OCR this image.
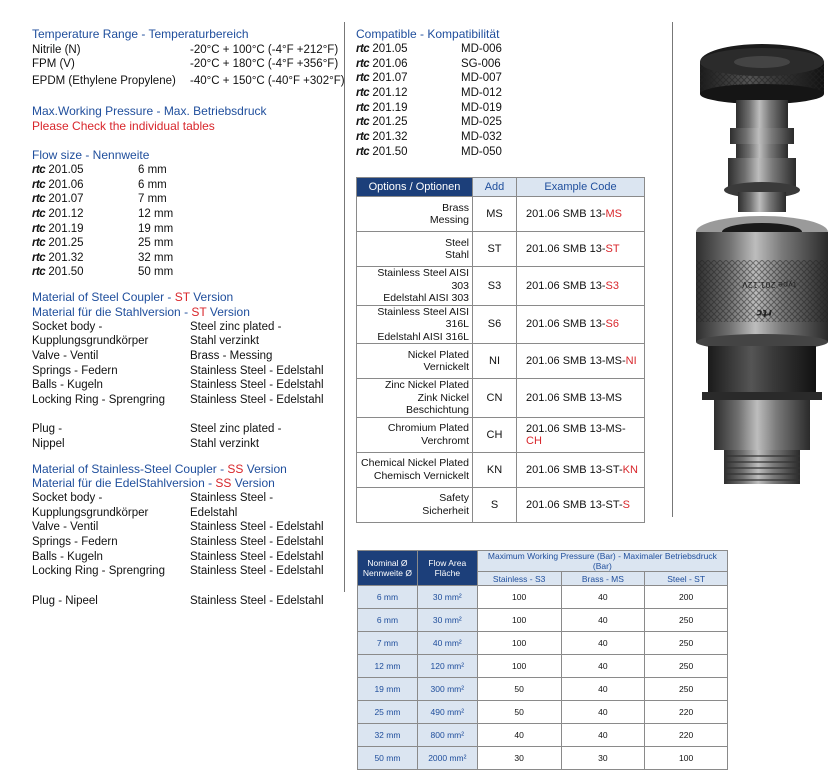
Temperature Range - Temperaturbereich
Nitrile (N)	-20°C + 100°C (-4°F +212°F)
FPM (V)	-20°C + 180°C (-4°F +356°F)
EPDM (Ethylene Propylene) -40°C + 150°C (-40°F +302°F)
Max.Working Pressure - Max. Betriebsdruck
Please Check the individual tables
Flow size - Nennweite
rtc 201.05	6 mm
rtc 201.06	6 mm
rtc 201.07	7 mm
rtc 201.12	12 mm
rtc 201.19	19 mm
rtc 201.25	25 mm
rtc 201.32	32 mm
rtc 201.50	50 mm
Material of Steel Coupler - ST Version
Material für die Stahlversion - ST Version
Socket body -	Steel zinc plated -
Kupplungsgrundkörper	Stahl verzinkt
Valve - Ventil	Brass - Messing
Springs - Federn	Stainless Steel - Edelstahl
Balls - Kugeln	Stainless Steel - Edelstahl
Locking Ring - Sprengring Stainless Steel - Edelstahl
Plug -	Steel zinc plated -
Nippel	Stahl verzinkt
Material of Stainless-Steel Coupler - SS Version
Material für die EdelStahlversion - SS Version
Socket body -	Stainless Steel -
Kupplungsgrundkörper	Edelstahl
Valve - Ventil	Stainless Steel - Edelstahl
Springs - Federn	Stainless Steel - Edelstahl
Balls - Kugeln	Stainless Steel - Edelstahl
Locking Ring - Sprengring Stainless Steel - Edelstahl
Plug - Nipeel	Stainless Steel - Edelstahl
Compatible - Kompatibilität
rtc 201.05	MD-006
rtc 201.06	SG-006
rtc 201.07	MD-007
rtc 201.12	MD-012
rtc 201.19	MD-019
rtc 201.25	MD-025
rtc 201.32	MD-032
rtc 201.50	MD-050
Options / Optionen	Add	Example Code
Brass
Messing	MS	201.06 SMB 13-MS
Steel
Stahl	ST	201.06 SMB 13-ST
Stainless Steel AISI 303
Edelstahl AISI 303	S3	201.06 SMB 13-S3
Stainless Steel AISI 316L
Edelstahl AISI 316L	S6	201.06 SMB 13-S6
Nickel Plated
Vernickelt	NI	201.06 SMB 13-MS-NI
Zinc Nickel Plated
Zink Nickel Beschichtung	CN	201.06 SMB 13-MS
Chromium Plated
Verchromt	CH	201.06 SMB 13-MS-CH
Chemical Nickel Plated
Chemisch Vernickelt	KN	201.06 SMB 13-ST-KN
Safety
Sicherheit	S	201.06 SMB 13-ST-S
Nominal Ø
Nennweite Ø	Flow Area
Fläche	Maximum Working Pressure (Bar) - Maximaler Betriebsdruck (Bar)		
		Stainless - S3	Brass - MS	Steel - ST
6 mm	30 mm²	100	40	200
6 mm	30 mm²	100	40	250
7 mm	40 mm²	100	40	250
12 mm	120 mm²	100	40	250
19 mm	300 mm²	50	40	250
25 mm	490 mm²	50	40	220
32 mm	800 mm²	40	40	220
50 mm	2000 mm²	30	30	100
type 201.12V
rtc
